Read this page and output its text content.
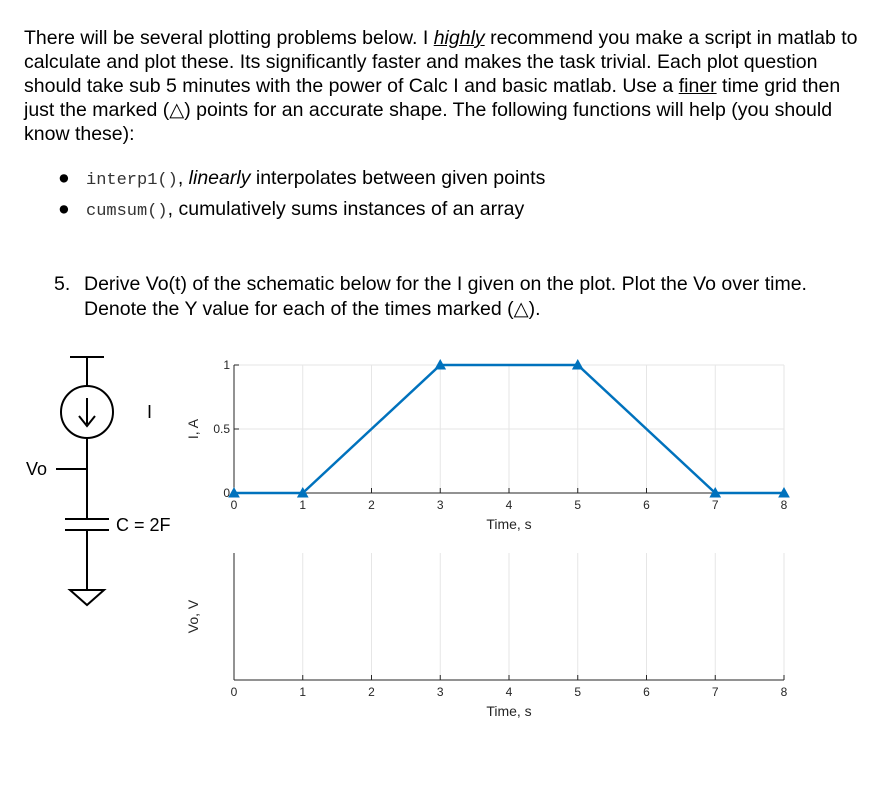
There will be several plotting problems below. I highly recommend you make a script in matlab to calculate and plot these. Its significantly faster and makes the task trivial. Each plot question should take sub 5 minutes with the power of Calc I and basic matlab. Use a finer time grid then just the marked (△) points for an accurate shape. The following functions will help (you should know these):

● interp1(), linearly interpolates between given points
● cumsum(), cumulatively sums instances of an array
5. Derive Vo(t) of the schematic below for the I given on the plot. Plot the Vo over time. Denote the Y value for each of the times marked (△).
I
Vo
C = 2F
0	1	2	3	4	5	6	7	8
0
0.5
1
Time, s
I, A
0	1	2	3	4	5	6	7	8
Time, s
Vo, V
